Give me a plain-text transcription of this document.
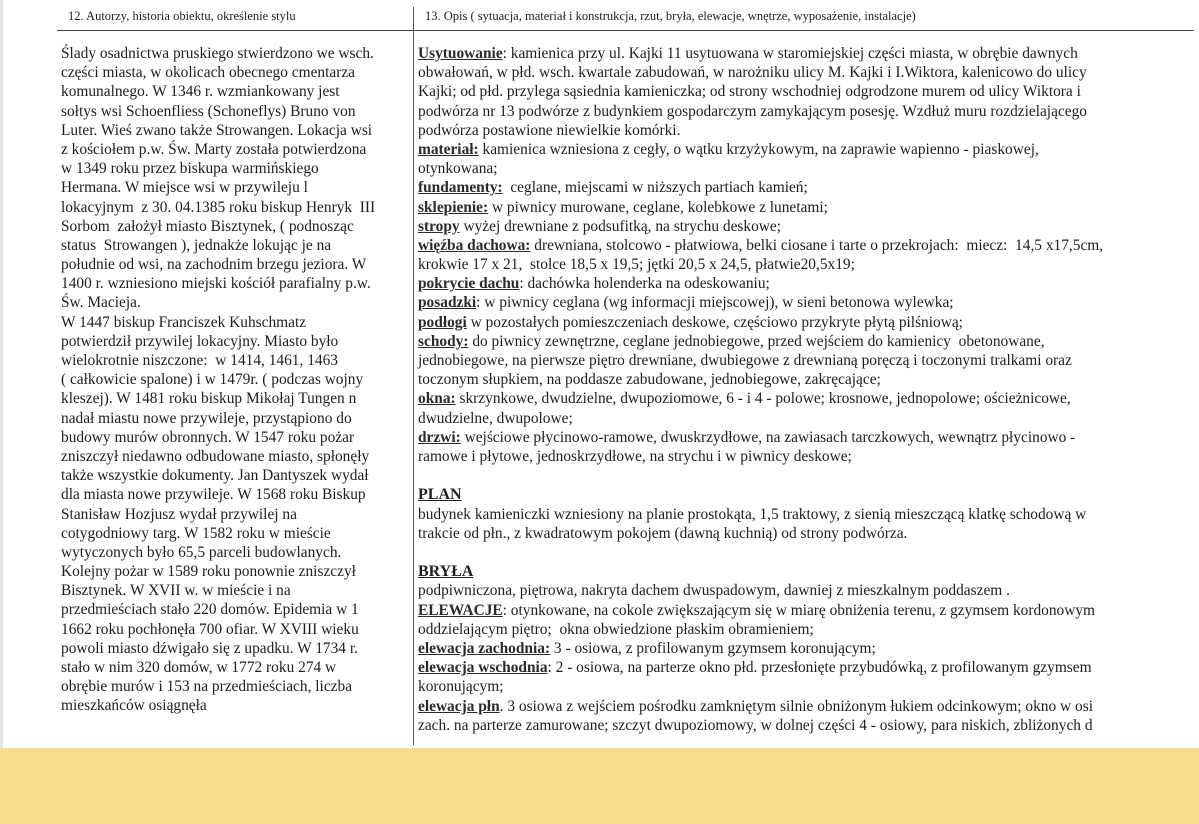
12. Autorzy, historia obiektu, określenie stylu	13. Opis ( sytuacja, materiał i konstrukcja, rzut, bryła, elewacje, wnętrze, wyposażenie, instalacje)
Ślady osadnictwa pruskiego stwierdzono we wsch.
części miasta, w okolicach obecnego cmentarza
komunalnego. W 1346 r. wzmiankowany jest
sołtys wsi Schoenfliess (Schoneflys) Bruno von
Luter. Wieś zwano także Strowangen. Lokacja wsi
z kościołem p.w. Św. Marty została potwierdzona
w 1349 roku przez biskupa warmińskiego
Hermana. W miejsce wsi w przywileju l
lokacyjnym  z 30. 04.1385 roku biskup Henryk  III
Sorbom  założył miasto Bisztynek, ( podnosząc
status  Strowangen ), jednakże lokując je na
południe od wsi, na zachodnim brzegu jeziora. W
1400 r. wzniesiono miejski kościół parafialny p.w.
Św. Macieja.
W 1447 biskup Franciszek Kuhschmatz
potwierdził przywilej lokacyjny. Miasto było
wielokrotnie niszczone:  w 1414, 1461, 1463
( całkowicie spalone) i w 1479r. ( podczas wojny
kleszej). W 1481 roku biskup Mikołaj Tungen n
nadał miastu nowe przywileje, przystąpiono do
budowy murów obronnych. W 1547 roku pożar
zniszczył niedawno odbudowane miasto, spłonęły
także wszystkie dokumenty. Jan Dantyszek wydał
dla miasta nowe przywileje. W 1568 roku Biskup
Stanisław Hozjusz wydał przywilej na
cotygodniowy targ. W 1582 roku w mieście
wytyczonych było 65,5 parceli budowlanych.
Kolejny pożar w 1589 roku ponownie zniszczył
Bisztynek. W XVII w. w mieście i na
przedmieściach stało 220 domów. Epidemia w 1
1662 roku pochłonęła 700 ofiar. W XVIII wieku
powoli miasto dźwigało się z upadku. W 1734 r.
stało w nim 320 domów, w 1772 roku 274 w
obrębie murów i 153 na przedmieściach, liczba
mieszkańców osiągnęła
Usytuowanie: kamienica przy ul. Kajki 11 usytuowana w staromiejskiej części miasta, w obrębie dawnych
obwałowań, w płd. wsch. kwartale zabudowań, w narożniku ulicy M. Kajki i I.Wiktora, kalenicowo do ulicy
Kajki; od płd. przylega sąsiednia kamieniczka; od strony wschodniej odgrodzone murem od ulicy Wiktora i
podwórza nr 13 podwórze z budynkiem gospodarczym zamykającym posesję. Wzdłuż muru rozdzielającego
podwórza postawione niewielkie komórki.
materiał: kamienica wzniesiona z cegły, o wątku krzyżykowym, na zaprawie wapienno - piaskowej,
otynkowana;
fundamenty:  ceglane, miejscami w niższych partiach kamień;
sklepienie: w piwnicy murowane, ceglane, kolebkowe z lunetami;
stropy wyżej drewniane z podsufitką, na strychu deskowe;
więźba dachowa: drewniana, stolcowo - płatwiowa, belki ciosane i tarte o przekrojach:  miecz:  14,5 x17,5cm,
krokwie 17 x 21,  stolce 18,5 x 19,5; jętki 20,5 x 24,5, płatwie20,5x19;
pokrycie dachu: dachówka holenderka na odeskowaniu;
posadzki: w piwnicy ceglana (wg informacji miejscowej), w sieni betonowa wylewka;
podłogi w pozostałych pomieszczeniach deskowe, częściowo przykryte płytą pilśniową;
schody: do piwnicy zewnętrzne, ceglane jednobiegowe, przed wejściem do kamienicy  obetonowane,
jednobiegowe, na pierwsze piętro drewniane, dwubiegowe z drewnianą poręczą i toczonymi tralkami oraz
toczonym słupkiem, na poddasze zabudowane, jednobiegowe, zakręcające;
okna: skrzynkowe, dwudzielne, dwupoziomowe, 6 - i 4 - polowe; krosnowe, jednopolowe; ościeżnicowe,
dwudzielne, dwupolowe;
drzwi: wejściowe płycinowo-ramowe, dwuskrzydłowe, na zawiasach tarczkowych, wewnątrz płycinowo -
ramowe i płytowe, jednoskrzydłowe, na strychu i w piwnicy deskowe;
PLAN
budynek kamieniczki wzniesiony na planie prostokąta, 1,5 traktowy, z sienią mieszczącą klatkę schodową w
trakcie od płn., z kwadratowym pokojem (dawną kuchnią) od strony podwórza.
BRYŁA
podpiwniczona, piętrowa, nakryta dachem dwuspadowym, dawniej z mieszkalnym poddaszem .
ELEWACJE: otynkowane, na cokole zwiększającym się w miarę obniżenia terenu, z gzymsem kordonowym
oddzielającym piętro;  okna obwiedzione płaskim obramieniem;
elewacja zachodnia: 3 - osiowa, z profilowanym gzymsem koronującym;
elewacja wschodnia: 2 - osiowa, na parterze okno płd. przesłonięte przybudówką, z profilowanym gzymsem
koronującym;
elewacja płn. 3 osiowa z wejściem pośrodku zamkniętym silnie obniżonym łukiem odcinkowym; okno w osi
zach. na parterze zamurowane; szczyt dwupoziomowy, w dolnej części 4 - osiowy, para niskich, zbliżonych d
